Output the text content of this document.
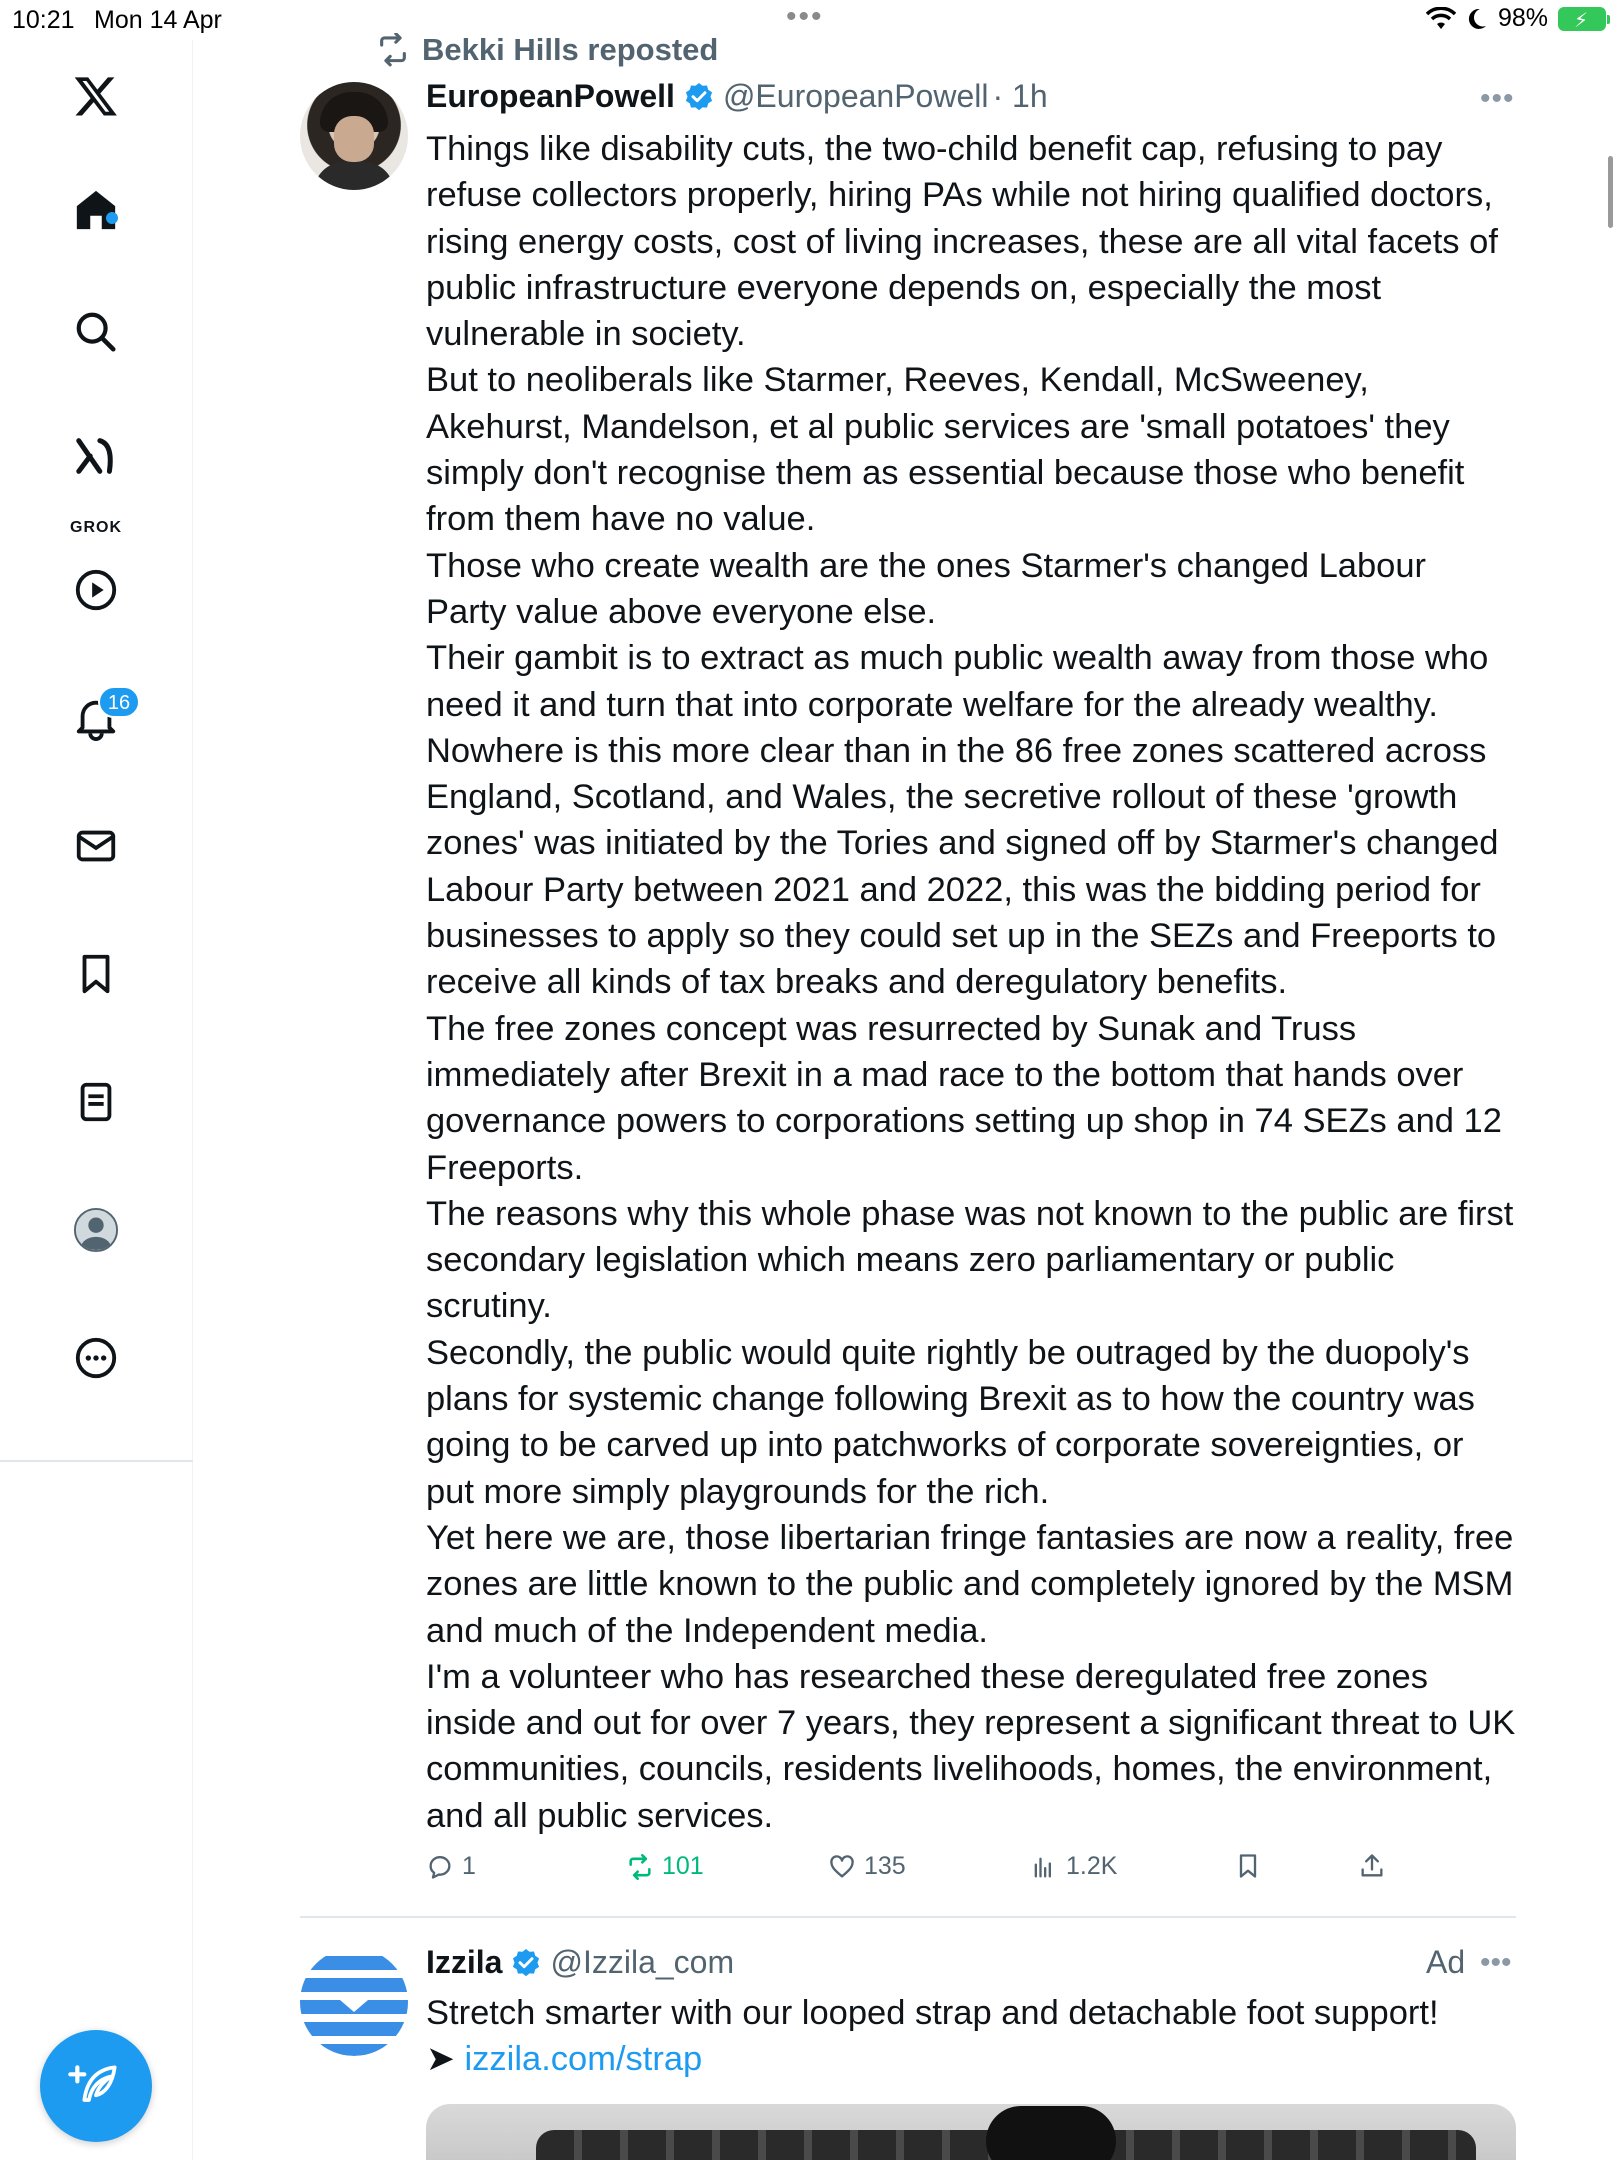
10:21 Mon 14 Apr	•••	98% ⚡
GROK
16
Bekki Hills reposted
EuropeanPowell @EuropeanPowell · 1h	•••

Things like disability cuts, the two-child benefit cap, refusing to pay refuse collectors properly, hiring PAs while not hiring qualified doctors, rising energy costs, cost of living increases, these are all vital facets of public infrastructure everyone depends on, especially the most vulnerable in society.

But to neoliberals like Starmer, Reeves, Kendall, McSweeney, Akehurst, Mandelson, et al public services are 'small potatoes' they simply don't recognise them as essential because those who benefit from them have no value.

Those who create wealth are the ones Starmer's changed Labour Party value above everyone else.

Their gambit is to extract as much public wealth away from those who need it and turn that into corporate welfare for the already wealthy.

Nowhere is this more clear than in the 86 free zones scattered across England, Scotland, and Wales, the secretive rollout of these 'growth zones' was initiated by the Tories and signed off by Starmer's changed Labour Party between 2021 and 2022, this was the bidding period for businesses to apply so they could set up in the SEZs and Freeports to receive all kinds of tax breaks and deregulatory benefits.

The free zones concept was resurrected by Sunak and Truss immediately after Brexit in a mad race to the bottom that hands over governance powers to corporations setting up shop in 74 SEZs and 12 Freeports.

The reasons why this whole phase was not known to the public are first secondary legislation which means zero parliamentary or public scrutiny.

Secondly, the public would quite rightly be outraged by the duopoly's plans for systemic change following Brexit as to how the country was going to be carved up into patchworks of corporate sovereignties, or put more simply playgrounds for the rich.

Yet here we are, those libertarian fringe fantasies are now a reality, free zones are little known to the public and completely ignored by the MSM and much of the Independent media.

I'm a volunteer who has researched these deregulated free zones inside and out for over 7 years, they represent a significant threat to UK communities, councils, residents livelihoods, homes, the environment, and all public services.

1	101	135	1.2K
Izzila @Izzila_com	Ad •••
Stretch smarter with our looped strap and detachable foot support!
➤ izzila.com/strap
